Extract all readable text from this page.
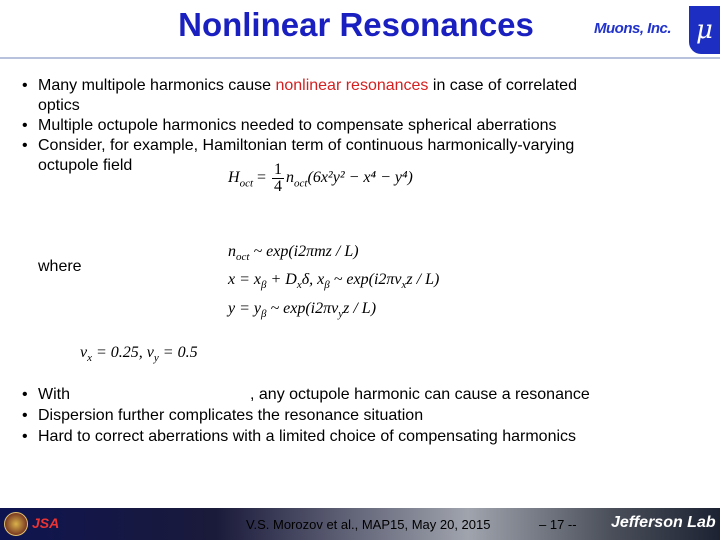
Nonlinear Resonances	Muons, Inc. μ
• Many multipole harmonics cause nonlinear resonances in case of correlated
optics
• Multiple octupole harmonics needed to compensate spherical aberrations
• Consider, for example, Hamiltonian term of continuous harmonically-varying
octupole field
$H_{oct} = \frac{1}{4} n_{oct}(6x^2y^2 - x^4 - y^4)$
where
$n_{oct}$ ~ exp(i2πmz / L)
$x = x_\beta + D_x\delta$, $x_\beta$ ~ $\exp(i2\pi\nu_xz / L)$
$y = y_\beta$ ~ $\exp(i2\pi\nu_yz / L)$
$\nu_x = 0.25$, $\nu_y = 0.5$
• With	, any octupole harmonic can cause a resonance
• Dispersion further complicates the resonance situation
• Hard to correct aberrations with a limited choice of compensating harmonics
JSA	V.S. Morozov et al., MAP15, May 20, 2015	– 17 -- Jefferson Lab
